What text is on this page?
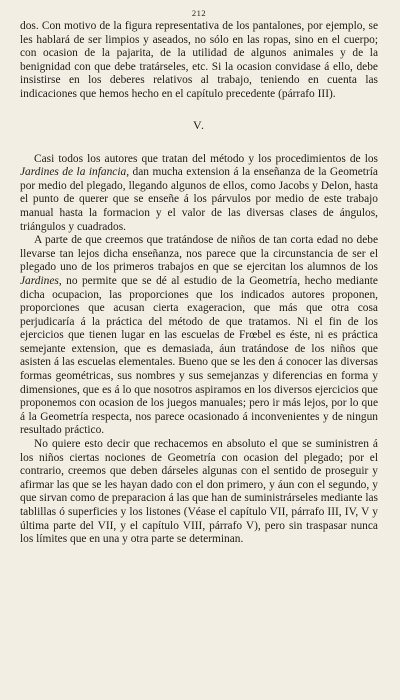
212

dos. Con motivo de la figura representativa de los pantalones, por ejemplo, se les hablará de ser limpios y aseados, no sólo en las ropas, sino en el cuerpo; con ocasion de la pajarita, de la utilidad de algunos animales y de la benignidad con que debe tratárseles, etc. Si la ocasion convidase á ello, debe insistirse en los deberes relativos al trabajo, teniendo en cuenta las indicaciones que hemos hecho en el capítulo precedente (párrafo III).

V.

Casi todos los autores que tratan del método y los procedimientos de los Jardines de la infancia, dan mucha extension á la enseñanza de la Geometría por medio del plegado, llegando algunos de ellos, como Jacobs y Delon, hasta el punto de querer que se enseñe á los párvulos por medio de este trabajo manual hasta la formacion y el valor de las diversas clases de ángulos, triángulos y cuadrados.

A parte de que creemos que tratándose de niños de tan corta edad no debe llevarse tan lejos dicha enseñanza, nos parece que la circunstancia de ser el plegado uno de los primeros trabajos en que se ejercitan los alumnos de los Jardines, no permite que se dé al estudio de la Geometría, hecho mediante dicha ocupacion, las proporciones que los indicados autores proponen, proporciones que acusan cierta exageracion, que más que otra cosa perjudicaría á la práctica del método de que tratamos. Ni el fin de los ejercicios que tienen lugar en las escuelas de Frœbel es éste, ni es práctica semejante extension, que es demasiada, áun tratándose de los niños que asisten á las escuelas elementales. Bueno que se les den á conocer las diversas formas geométricas, sus nombres y sus semejanzas y diferencias en forma y dimensiones, que es á lo que nosotros aspiramos en los diversos ejercicios que proponemos con ocasion de los juegos manuales; pero ir más lejos, por lo que á la Geometría respecta, nos parece ocasionado á inconvenientes y de ningun resultado práctico.

No quiere esto decir que rechacemos en absoluto el que se suministren á los niños ciertas nociones de Geometría con ocasion del plegado; por el contrario, creemos que deben dárseles algunas con el sentido de proseguir y afirmar las que se les hayan dado con el don primero, y áun con el segundo, y que sirvan como de preparacion á las que han de suministrárseles mediante las tablillas ó superficies y los listones (Véase el capítulo VII, párrafo III, IV, V y última parte del VII, y el capítulo VIII, párrafo V), pero sin traspasar nunca los límites que en una y otra parte se determinan.
